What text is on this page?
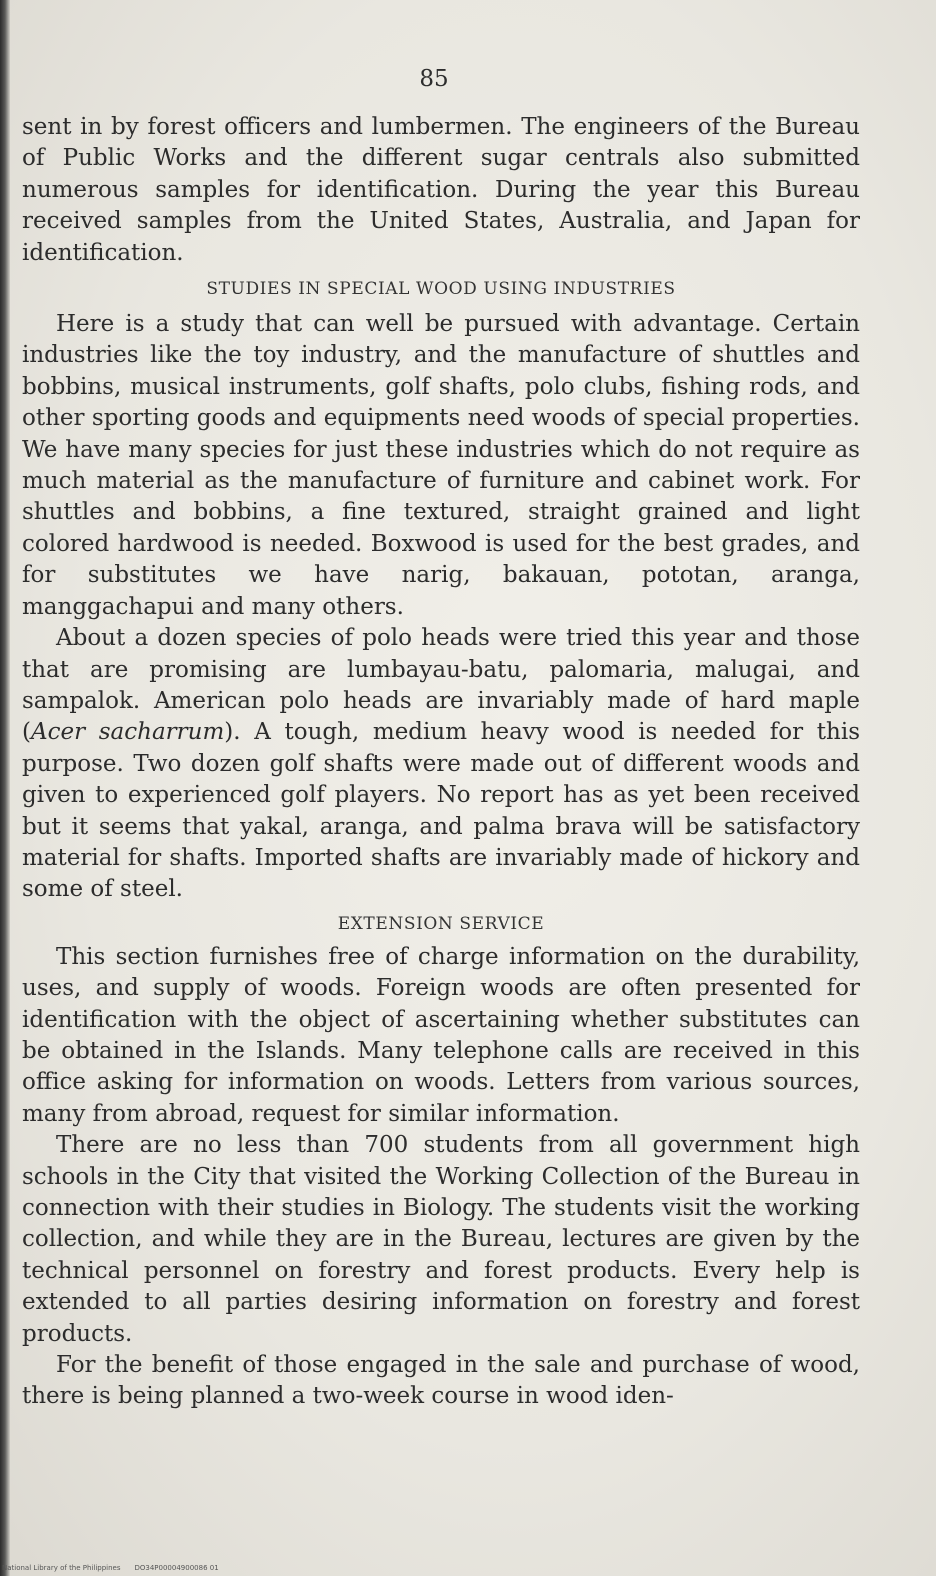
85

sent in by forest officers and lumbermen. The engineers of the Bureau of Public Works and the different sugar centrals also submitted numerous samples for identification. During the year this Bureau received samples from the United States, Australia, and Japan for identification.

STUDIES IN SPECIAL WOOD USING INDUSTRIES

Here is a study that can well be pursued with advantage. Certain industries like the toy industry, and the manufacture of shuttles and bobbins, musical instruments, golf shafts, polo clubs, fishing rods, and other sporting goods and equipments need woods of special properties. We have many species for just these industries which do not require as much material as the manufacture of furniture and cabinet work. For shuttles and bobbins, a fine textured, straight grained and light colored hardwood is needed. Boxwood is used for the best grades, and for substitutes we have narig, bakauan, pototan, aranga, manggachapui and many others.

About a dozen species of polo heads were tried this year and those that are promising are lumbayau-batu, palomaria, malugai, and sampalok. American polo heads are invariably made of hard maple (Acer sacharrum). A tough, medium heavy wood is needed for this purpose. Two dozen golf shafts were made out of different woods and given to experienced golf players. No report has as yet been received but it seems that yakal, aranga, and palma brava will be satisfactory material for shafts. Imported shafts are invariably made of hickory and some of steel.

EXTENSION SERVICE

This section furnishes free of charge information on the durability, uses, and supply of woods. Foreign woods are often presented for identification with the object of ascertaining whether substitutes can be obtained in the Islands. Many telephone calls are received in this office asking for information on woods. Letters from various sources, many from abroad, request for similar information.

There are no less than 700 students from all government high schools in the City that visited the Working Collection of the Bureau in connection with their studies in Biology. The students visit the working collection, and while they are in the Bureau, lectures are given by the technical personnel on forestry and forest products. Every help is extended to all parties desiring information on forestry and forest products.

For the benefit of those engaged in the sale and purchase of wood, there is being planned a two-week course in wood iden-

National Library of the Philippines DO34P00004900086 01
